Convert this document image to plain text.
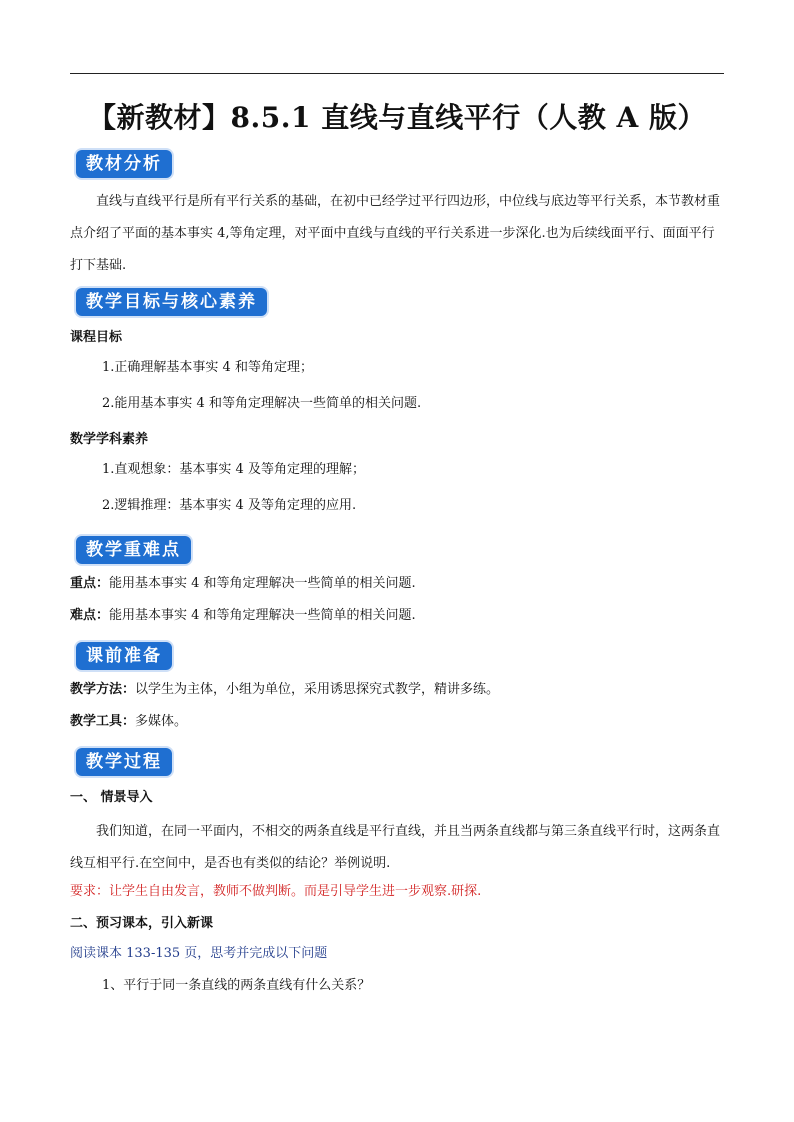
【新教材】8.5.1 直线与直线平行（人教 A 版）
教材分析

直线与直线平行是所有平行关系的基础，在初中已经学过平行四边形，中位线与底边等平行关系，本节教材重点介绍了平面的基本事实 4,等角定理，对平面中直线与直线的平行关系进一步深化.也为后续线面平行、面面平行打下基础.

教学目标与核心素养
课程目标
1.正确理解基本事实 4 和等角定理；
2.能用基本事实 4 和等角定理解决一些简单的相关问题.
数学学科素养
1.直观想象：基本事实 4 及等角定理的理解；
2.逻辑推理：基本事实 4 及等角定理的应用.
教学重难点
重点：能用基本事实 4 和等角定理解决一些简单的相关问题.
难点：能用基本事实 4 和等角定理解决一些简单的相关问题.
课前准备
教学方法：以学生为主体，小组为单位，采用诱思探究式教学，精讲多练。
教学工具：多媒体。
教学过程
一、 情景导入

我们知道，在同一平面内，不相交的两条直线是平行直线，并且当两条直线都与第三条直线平行时，这两条直线互相平行.在空间中，是否也有类似的结论？举例说明.

要求：让学生自由发言，教师不做判断。而是引导学生进一步观察.研探.
二、预习课本，引入新课
阅读课本 133-135 页，思考并完成以下问题
1、平行于同一条直线的两条直线有什么关系？
